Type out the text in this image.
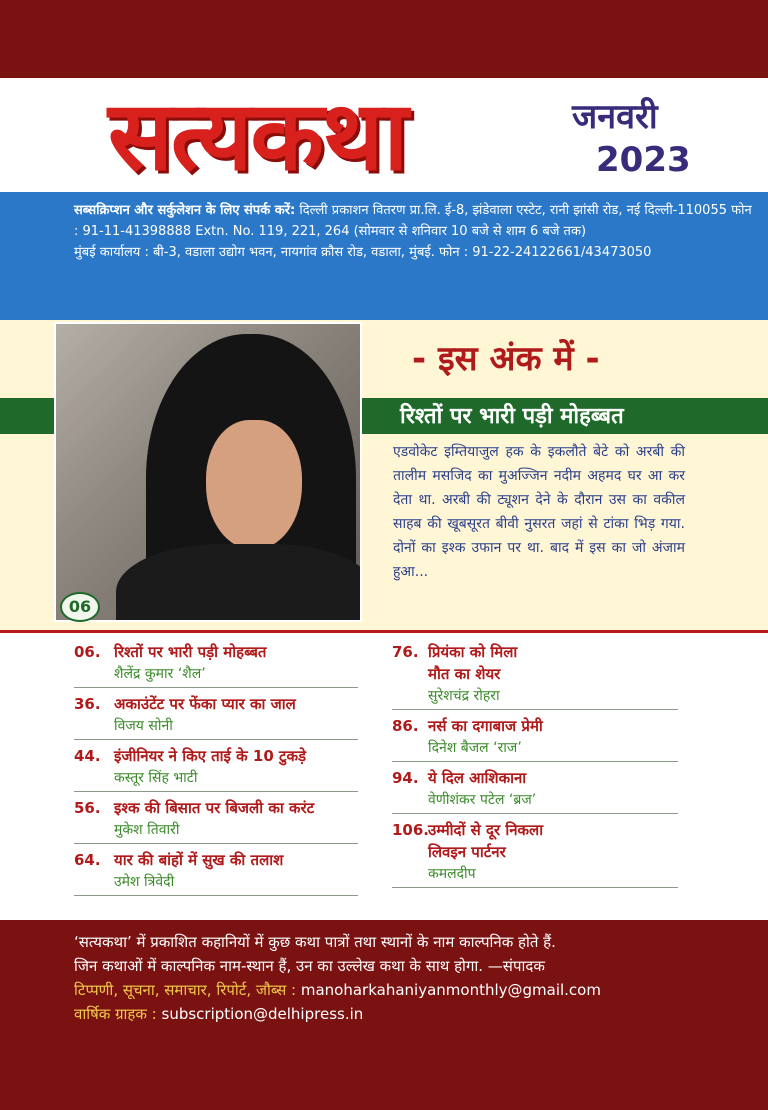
सत्यकथा	जनवरी
2023

सब्सक्रिप्शन और सर्कुलेशन के लिए संपर्क करें: दिल्ली प्रकाशन वितरण प्रा.लि. ई-8, झंडेवाला एस्टेट, रानी झांसी रोड, नई दिल्ली-110055 फोन : 91-11-41398888 Extn. No. 119, 221, 264 (सोमवार से शनिवार 10 बजे से शाम 6 बजे तक)

मुंबई कार्यालय : बी-3, वडाला उद्योग भवन, नायगांव क्रौस रोड, वडाला, मुंबई. फोन : 91-22-24122661/43473050

06
- इस अंक में -
रिश्तों पर भारी पड़ी मोहब्बत
एडवोकेट इम्तियाजुल हक के इकलौते बेटे को अरबी की तालीम मसजिद का मुअज्जिन नदीम अहमद घर आ कर देता था. अरबी की ट्यूशन देने के दौरान उस का वकील साहब की खूबसूरत बीवी नुसरत जहां से टांका भिड़ गया. दोनों का इश्क उफान पर था. बाद में इस का जो अंजाम हुआ...
06. रिश्तों पर भारी पड़ी मोहब्बत
शैलेंद्र कुमार ‘शैल’
36. अकाउंटेंट पर फेंका प्यार का जाल
विजय सोनी
44. इंजीनियर ने किए ताई के 10 टुकड़े
कस्तूर सिंह भाटी
56. इश्क की बिसात पर बिजली का करंट
मुकेश तिवारी
64. यार की बांहों में सुख की तलाश
उमेश त्रिवेदी
76. प्रियंका को मिला
मौत का शेयर
सुरेशचंद्र रोहरा
86. नर्स का दगाबाज प्रेमी
दिनेश बैजल ‘राज’
94. ये दिल आशिकाना
वेणीशंकर पटेल ‘ब्रज’
106.
उम्मीदों से दूर निकला
लिवइन पार्टनर
कमलदीप
‘सत्यकथा’ में प्रकाशित कहानियों में कुछ कथा पात्रों तथा स्थानों के नाम काल्पनिक होते हैं.
जिन कथाओं में काल्पनिक नाम-स्थान हैं, उन का उल्लेख कथा के साथ होगा. —संपादक
टिप्पणी, सूचना, समाचार, रिपोर्ट, जौब्स : manoharkahaniyanmonthly@gmail.com
वार्षिक ग्राहक : subscription@delhipress.in
